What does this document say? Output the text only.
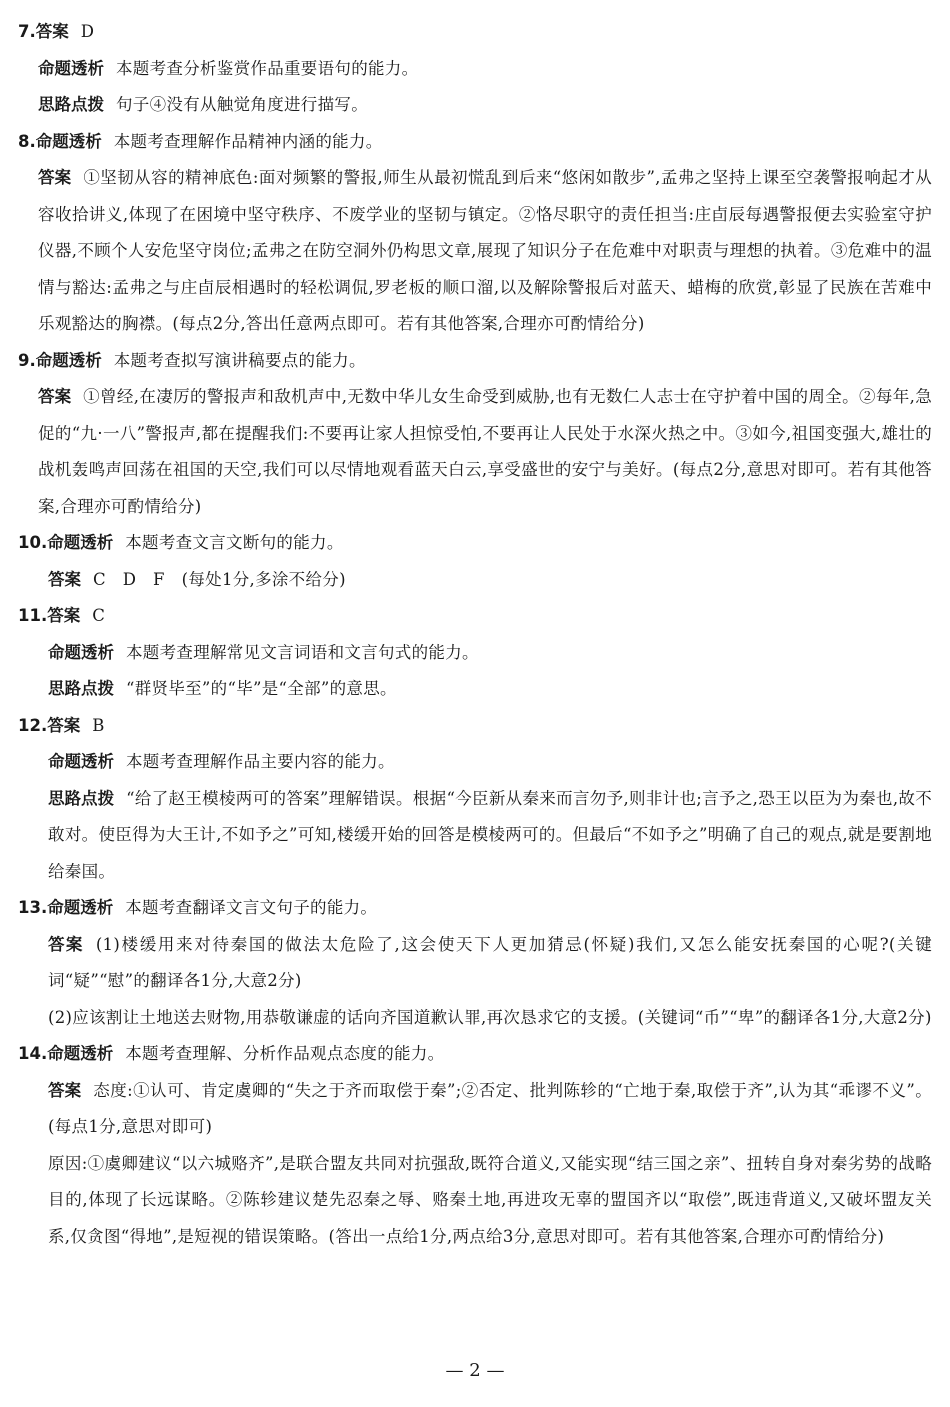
7.答案 D
命题透析 本题考查分析鉴赏作品重要语句的能力。
思路点拨 句子④没有从触觉角度进行描写。
8.命题透析 本题考查理解作品精神内涵的能力。
答案 ①坚韧从容的精神底色:面对频繁的警报,师生从最初慌乱到后来“悠闲如散步”,孟弗之坚持上课至空袭警报响起才从容收拾讲义,体现了在困境中坚守秩序、不废学业的坚韧与镇定。②恪尽职守的责任担当:庄卣辰每遇警报便去实验室守护仪器,不顾个人安危坚守岗位;孟弗之在防空洞外仍构思文章,展现了知识分子在危难中对职责与理想的执着。③危难中的温情与豁达:孟弗之与庄卣辰相遇时的轻松调侃,罗老板的顺口溜,以及解除警报后对蓝天、蜡梅的欣赏,彰显了民族在苦难中乐观豁达的胸襟。(每点2分,答出任意两点即可。若有其他答案,合理亦可酌情给分)
9.命题透析 本题考查拟写演讲稿要点的能力。
答案 ①曾经,在凄厉的警报声和敌机声中,无数中华儿女生命受到威胁,也有无数仁人志士在守护着中国的周全。②每年,急促的“九·一八”警报声,都在提醒我们:不要再让家人担惊受怕,不要再让人民处于水深火热之中。③如今,祖国变强大,雄壮的战机轰鸣声回荡在祖国的天空,我们可以尽情地观看蓝天白云,享受盛世的安宁与美好。(每点2分,意思对即可。若有其他答案,合理亦可酌情给分)
10.命题透析 本题考查文言文断句的能力。
答案 C　D　F　(每处1分,多涂不给分)
11.答案 C
命题透析 本题考查理解常见文言词语和文言句式的能力。
思路点拨 “群贤毕至”的“毕”是“全部”的意思。
12.答案 B
命题透析 本题考查理解作品主要内容的能力。
思路点拨 “给了赵王模棱两可的答案”理解错误。根据“今臣新从秦来而言勿予,则非计也;言予之,恐王以臣为为秦也,故不敢对。使臣得为大王计,不如予之”可知,楼缓开始的回答是模棱两可的。但最后“不如予之”明确了自己的观点,就是要割地给秦国。
13.命题透析 本题考查翻译文言文句子的能力。
答案 (1)楼缓用来对待秦国的做法太危险了,这会使天下人更加猜忌(怀疑)我们,又怎么能安抚秦国的心呢?(关键词“疑”“慰”的翻译各1分,大意2分)
(2)应该割让土地送去财物,用恭敬谦虚的话向齐国道歉认罪,再次恳求它的支援。(关键词“币”“卑”的翻译各1分,大意2分)
14.命题透析 本题考查理解、分析作品观点态度的能力。
答案 态度:①认可、肯定虞卿的“失之于齐而取偿于秦”;②否定、批判陈轸的“亡地于秦,取偿于齐”,认为其“乖谬不义”。(每点1分,意思对即可)
原因:①虞卿建议“以六城赂齐”,是联合盟友共同对抗强敌,既符合道义,又能实现“结三国之亲”、扭转自身对秦劣势的战略目的,体现了长远谋略。②陈轸建议楚先忍秦之辱、赂秦土地,再进攻无辜的盟国齐以“取偿”,既违背道义,又破坏盟友关系,仅贪图“得地”,是短视的错误策略。(答出一点给1分,两点给3分,意思对即可。若有其他答案,合理亦可酌情给分)
— 2 —
